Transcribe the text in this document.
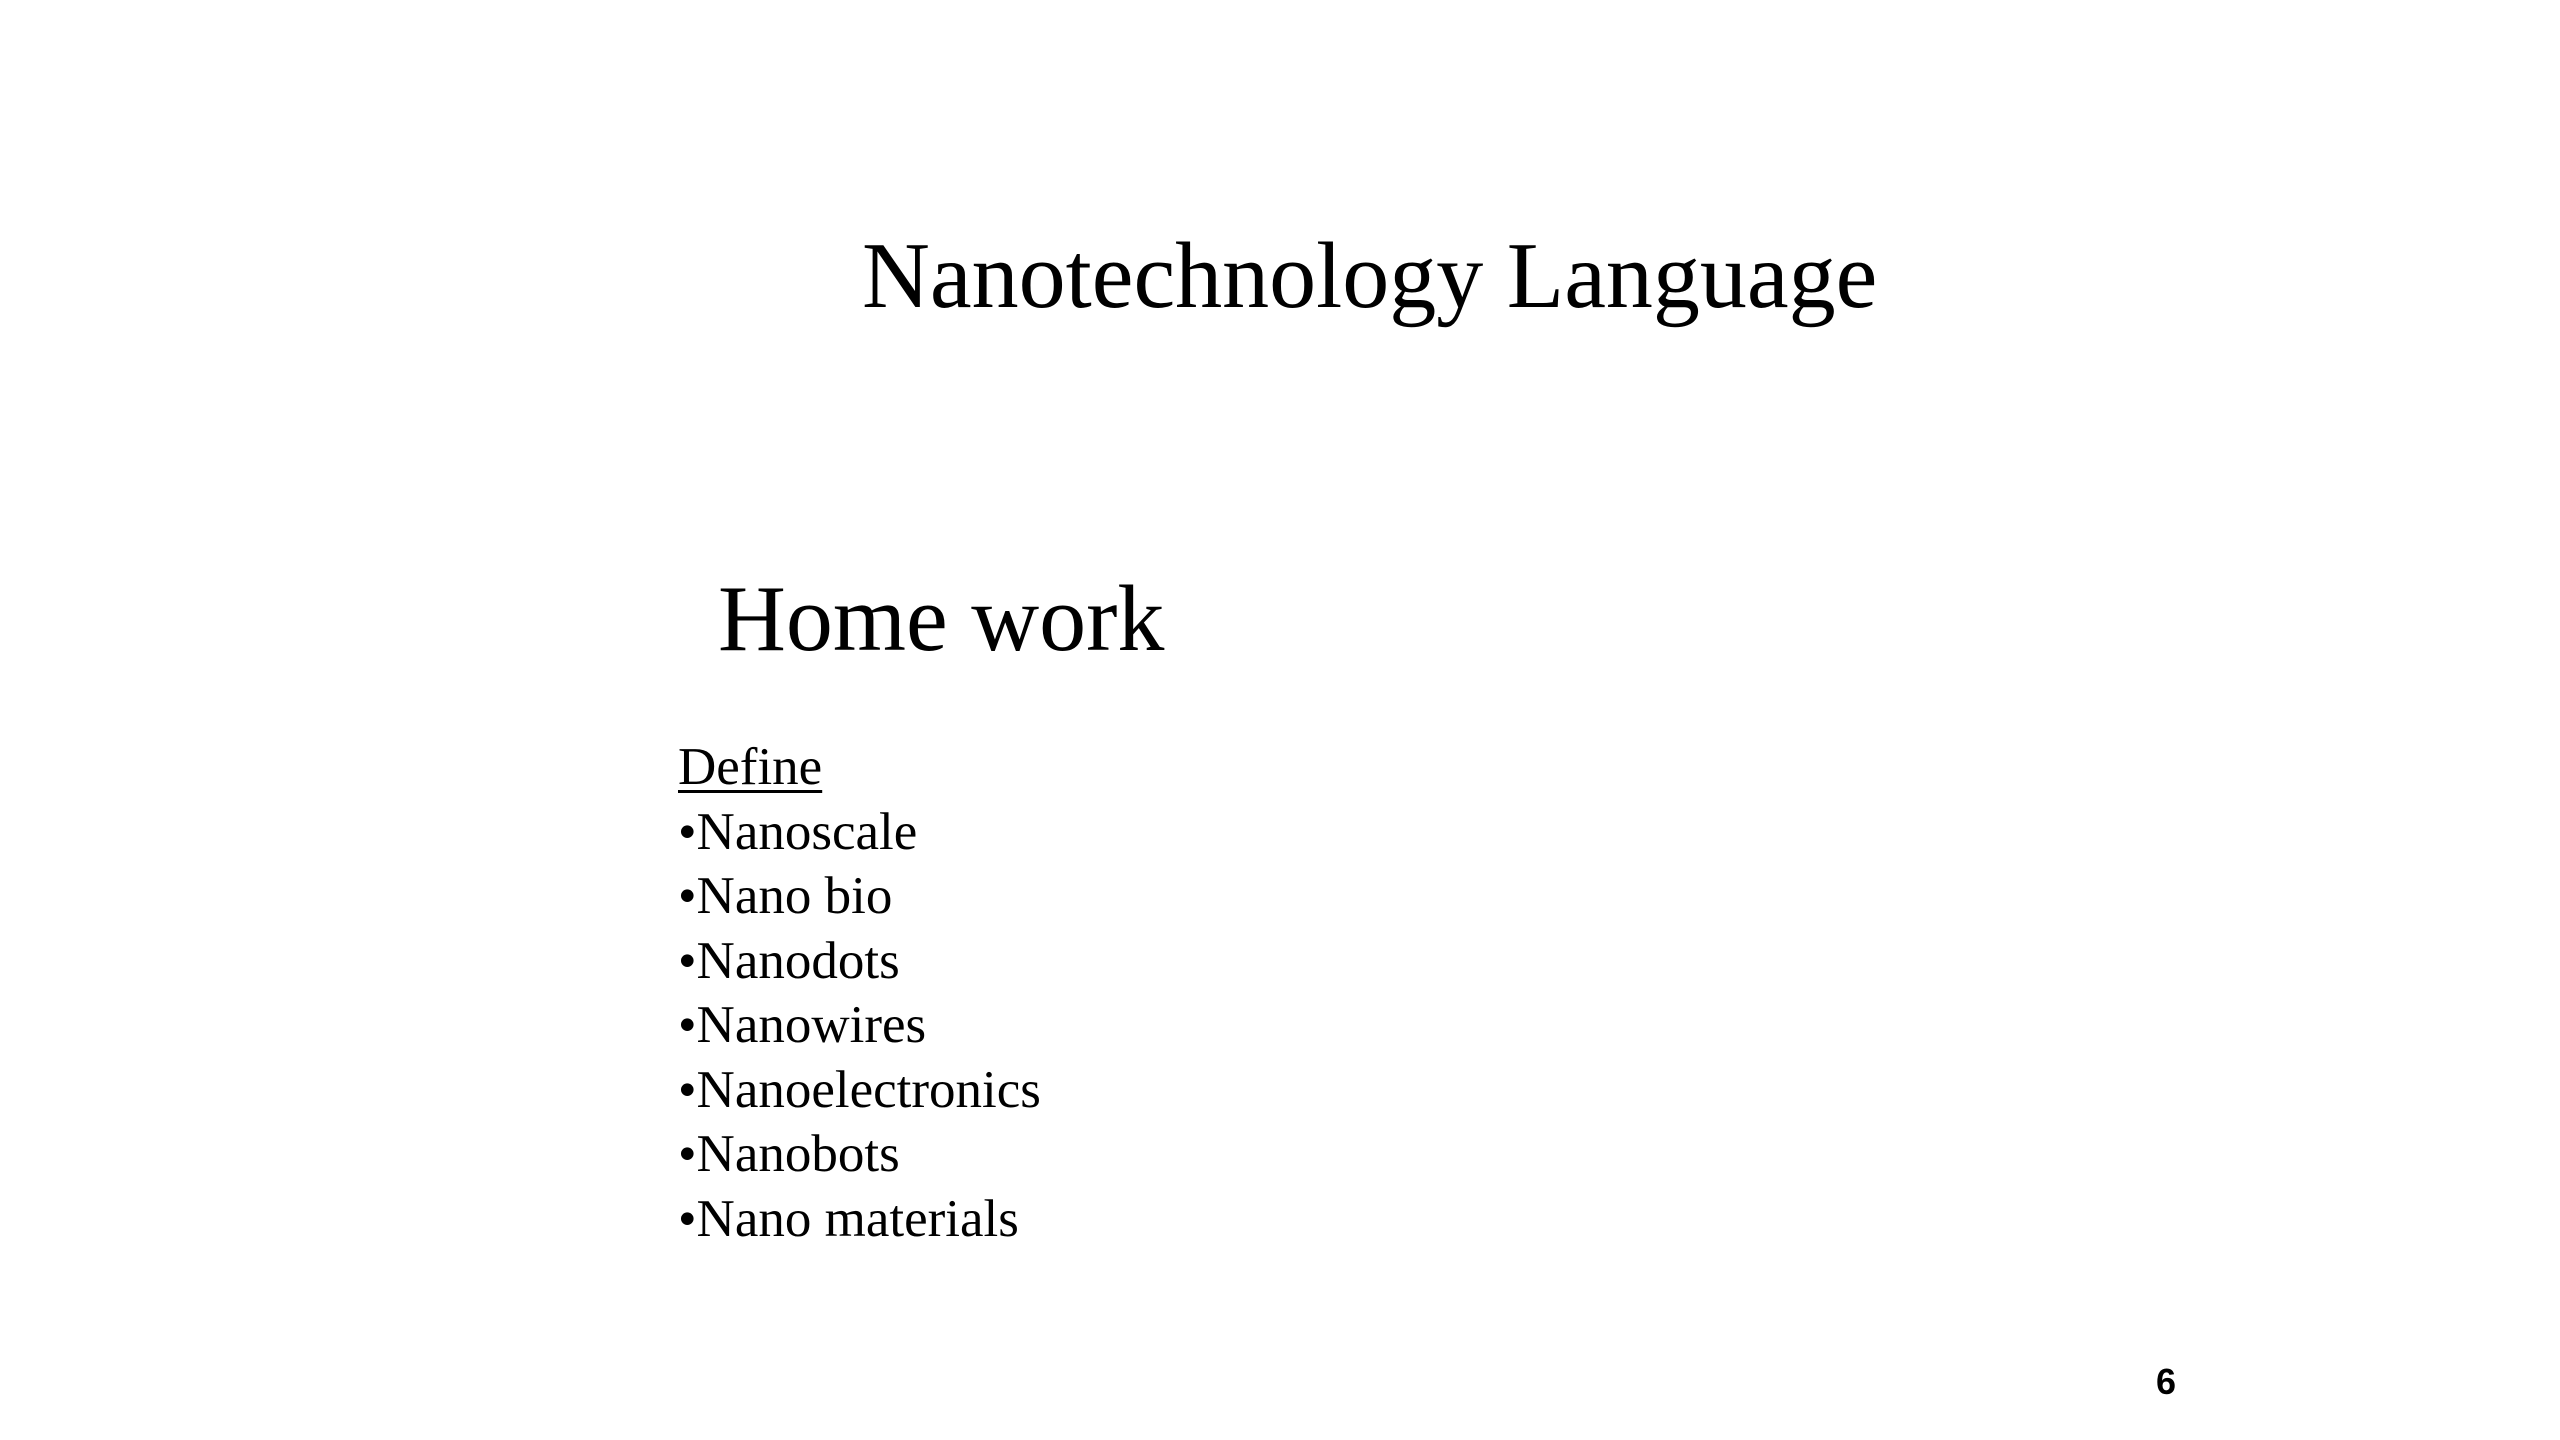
Nanotechnology Language
Home work
Define
•Nanoscale
•Nano bio
•Nanodots
•Nanowires
•Nanoelectronics
•Nanobots
•Nano materials
6
